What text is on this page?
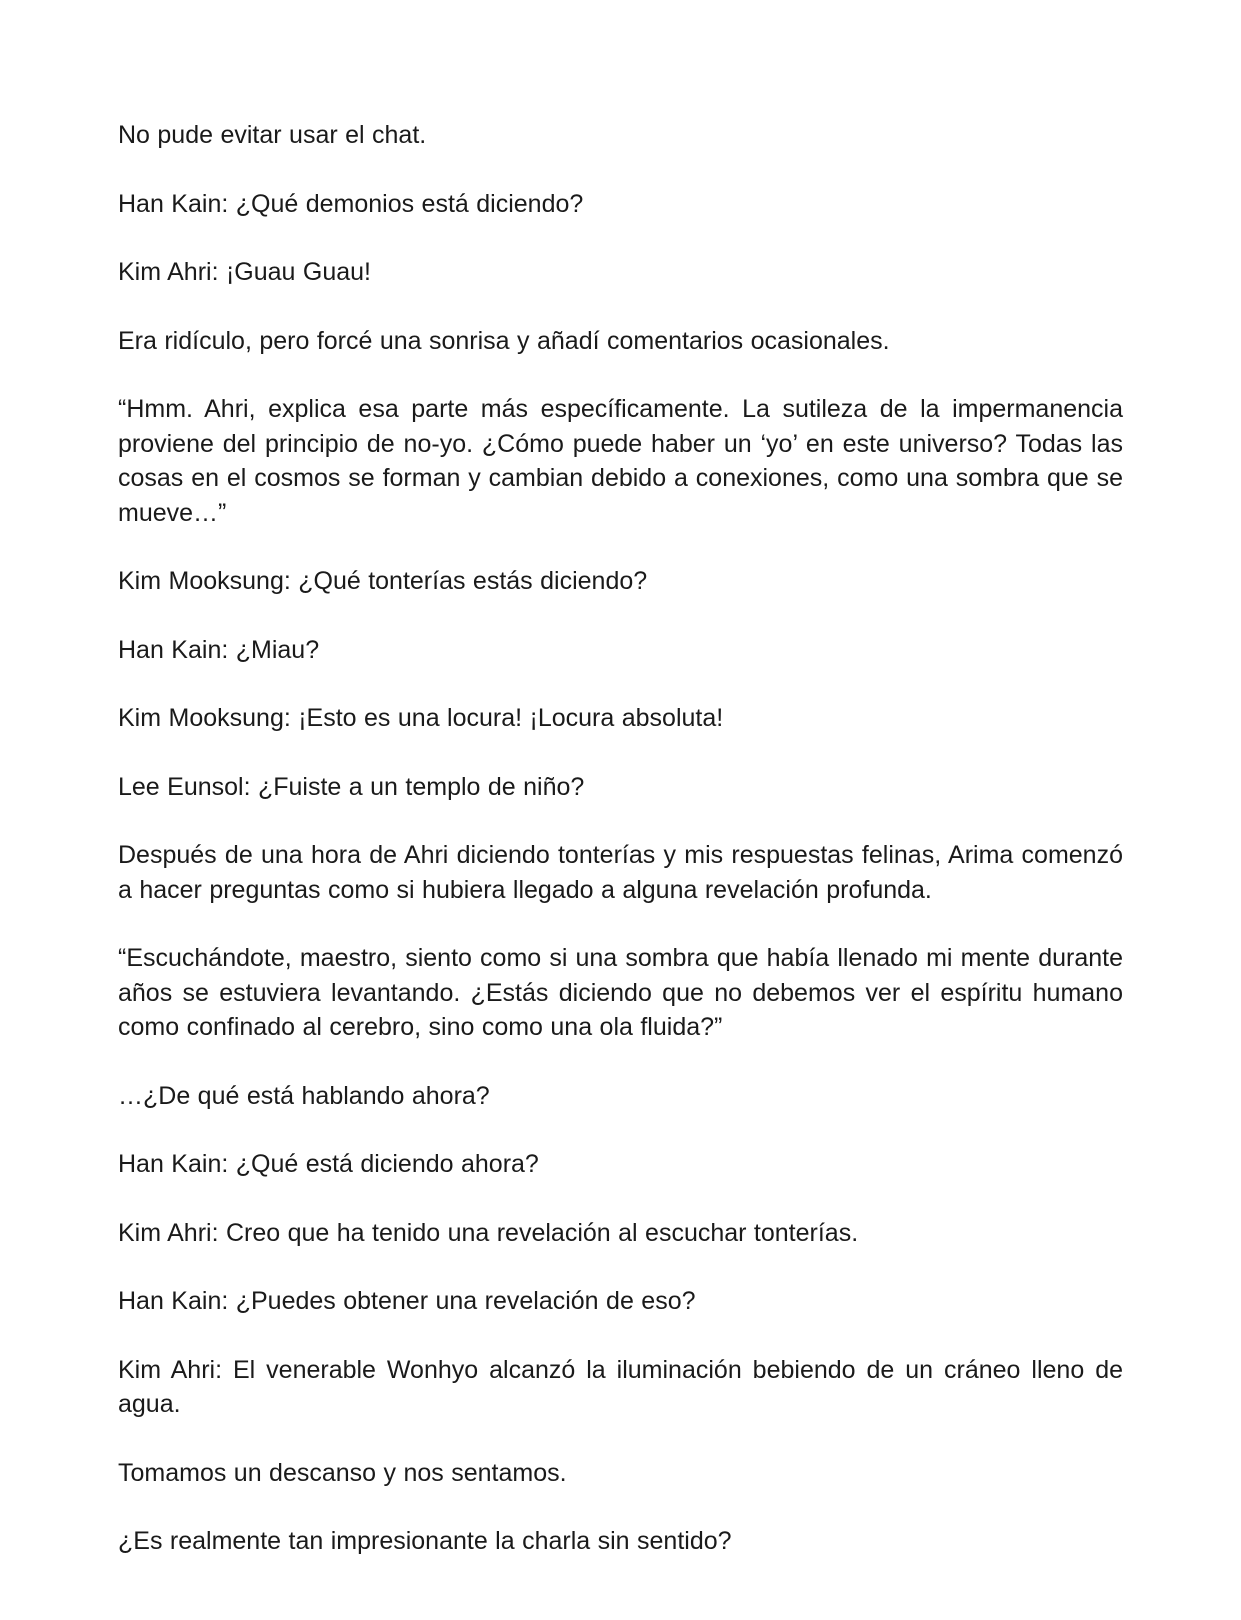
No pude evitar usar el chat.

Han Kain: ¿Qué demonios está diciendo?

Kim Ahri: ¡Guau Guau!

Era ridículo, pero forcé una sonrisa y añadí comentarios ocasionales.

“Hmm. Ahri, explica esa parte más específicamente. La sutileza de la impermanencia proviene del principio de no-yo. ¿Cómo puede haber un ‘yo’ en este universo? Todas las cosas en el cosmos se forman y cambian debido a conexiones, como una sombra que se mueve…”

Kim Mooksung: ¿Qué tonterías estás diciendo?

Han Kain: ¿Miau?

Kim Mooksung: ¡Esto es una locura! ¡Locura absoluta!

Lee Eunsol: ¿Fuiste a un templo de niño?

Después de una hora de Ahri diciendo tonterías y mis respuestas felinas, Arima comenzó a hacer preguntas como si hubiera llegado a alguna revelación profunda.

“Escuchándote, maestro, siento como si una sombra que había llenado mi mente durante años se estuviera levantando. ¿Estás diciendo que no debemos ver el espíritu humano como confinado al cerebro, sino como una ola fluida?”

…¿De qué está hablando ahora?

Han Kain: ¿Qué está diciendo ahora?

Kim Ahri: Creo que ha tenido una revelación al escuchar tonterías.

Han Kain: ¿Puedes obtener una revelación de eso?

Kim Ahri: El venerable Wonhyo alcanzó la iluminación bebiendo de un cráneo lleno de agua.

Tomamos un descanso y nos sentamos.

¿Es realmente tan impresionante la charla sin sentido?
